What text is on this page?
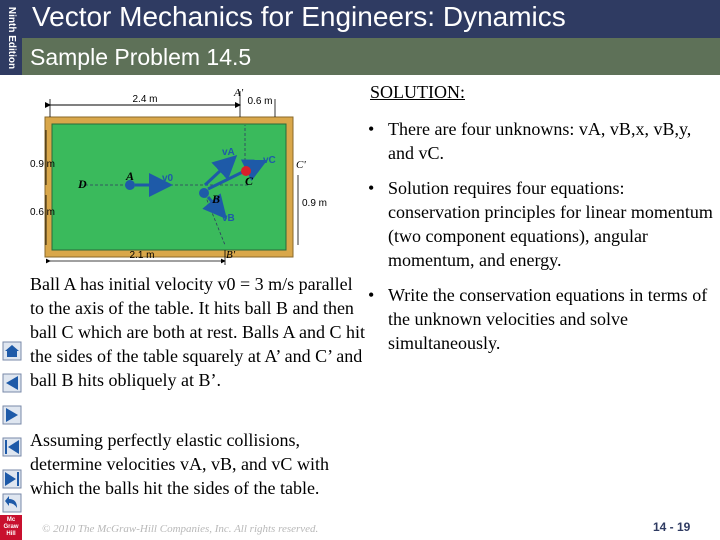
Ninth Edition
Mc Graw Hill
Vector Mechanics for Engineers: Dynamics
Sample Problem 14.5
2.4 m	0.6 m
A'
0.9 m
0.6 m
0.9 m
C'
2.1 m	B'
D
A
B
C
vA
vC
v0
vB
Ball A has initial velocity v0 = 3 m/s parallel to the axis of the table. It hits ball B and then ball C which are both at rest. Balls A and C hit the sides of the table squarely at A’ and C’ and ball B hits obliquely at B’.
Assuming perfectly elastic collisions, determine velocities vA, vB, and vC with which the balls hit the sides of the table.
SOLUTION:
• There are four unknowns: vA, vB,x, vB,y, and vC.
• Solution requires four equations: conservation principles for linear momentum (two component equations), angular momentum, and energy.
• Write the conservation equations in terms of the unknown velocities and solve simultaneously.
© 2010 The McGraw-Hill Companies, Inc. All rights reserved.	14 - 19
